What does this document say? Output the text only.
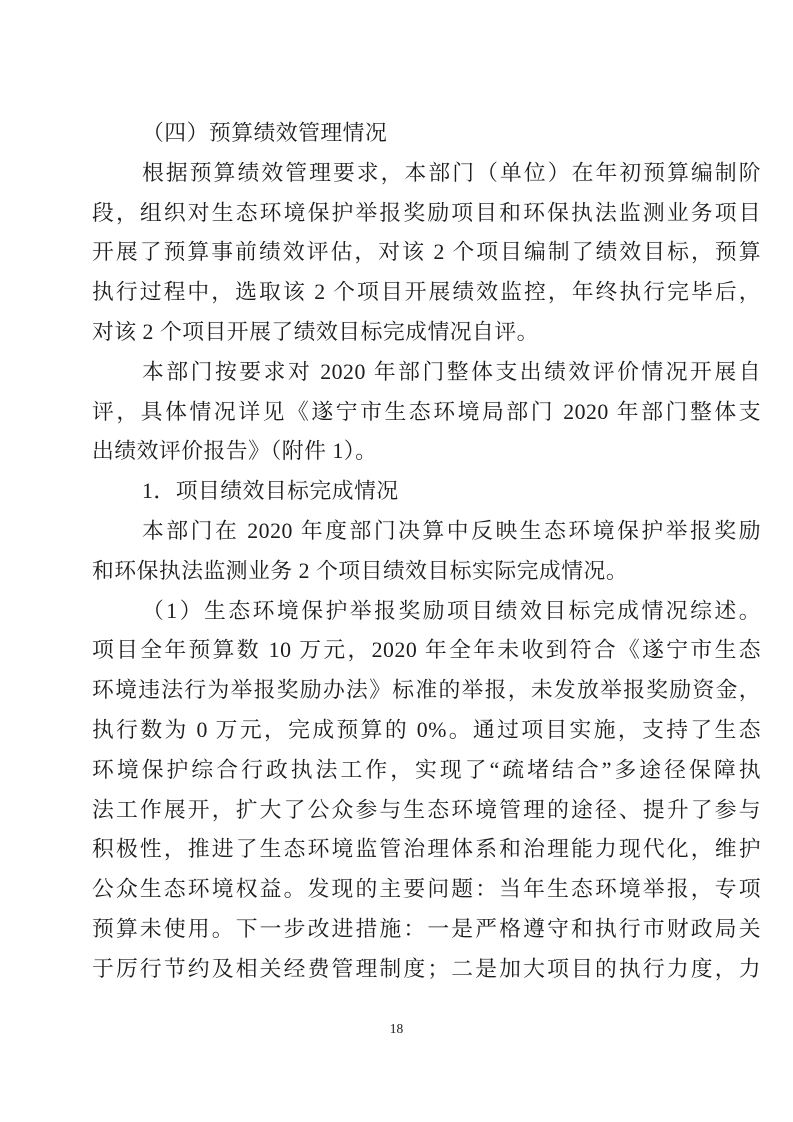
（四）预算绩效管理情况
根据预算绩效管理要求，本部门（单位）在年初预算编制阶
段，组织对生态环境保护举报奖励项目和环保执法监测业务项目
开展了预算事前绩效评估，对该 2 个项目编制了绩效目标，预算
执行过程中，选取该 2 个项目开展绩效监控，年终执行完毕后，
对该 2 个项目开展了绩效目标完成情况自评。
本部门按要求对 2020 年部门整体支出绩效评价情况开展自
评，具体情况详见《遂宁市生态环境局部门 2020 年部门整体支
出绩效评价报告》（附件 1）。
1．项目绩效目标完成情况
本部门在 2020 年度部门决算中反映生态环境保护举报奖励
和环保执法监测业务 2 个项目绩效目标实际完成情况。
（1）生态环境保护举报奖励项目绩效目标完成情况综述。
项目全年预算数 10 万元，2020 年全年未收到符合《遂宁市生态
环境违法行为举报奖励办法》标准的举报，未发放举报奖励资金，
执行数为 0 万元，完成预算的 0%。通过项目实施，支持了生态
环境保护综合行政执法工作，实现了“疏堵结合”多途径保障执
法工作展开，扩大了公众参与生态环境管理的途径、提升了参与
积极性，推进了生态环境监管治理体系和治理能力现代化，维护
公众生态环境权益。发现的主要问题：当年生态环境举报，专项
预算未使用。下一步改进措施：一是严格遵守和执行市财政局关
于厉行节约及相关经费管理制度；二是加大项目的执行力度，力
18
